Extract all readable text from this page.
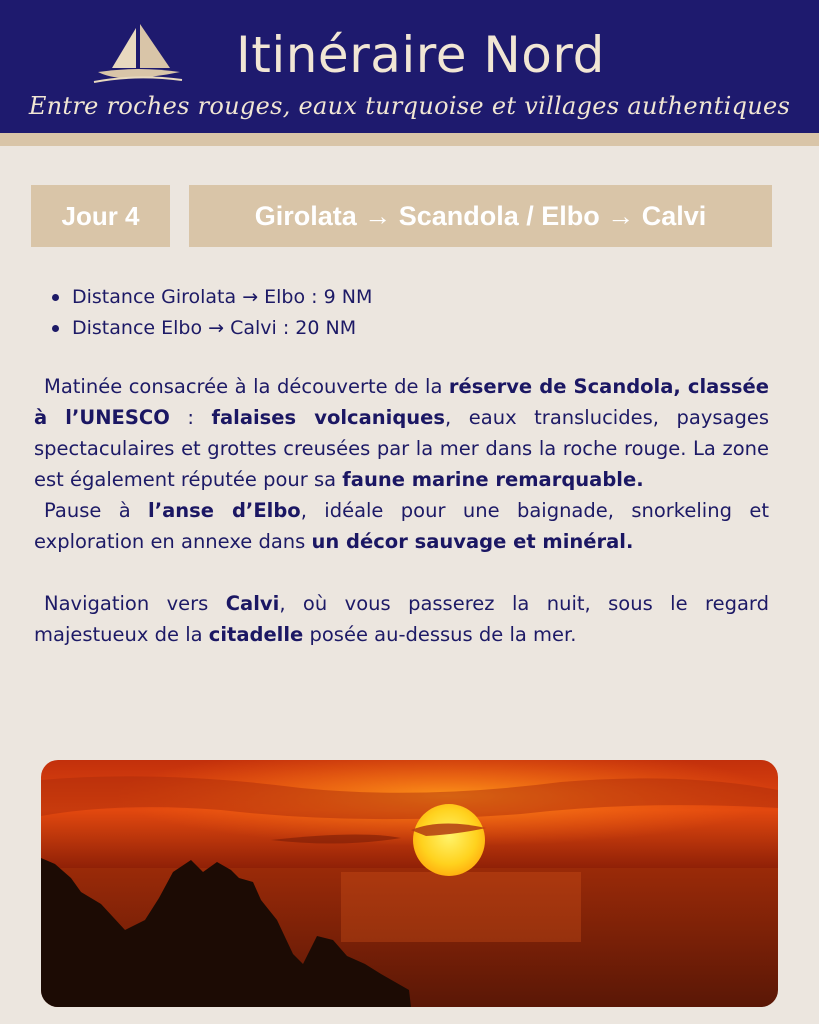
Itinéraire Nord
Entre roches rouges, eaux turquoise et villages authentiques
Jour 4	Girolata → Scandola / Elbo → Calvi
Distance Girolata → Elbo : 9 NM
Distance Elbo → Calvi : 20 NM

Matinée consacrée à la découverte de la réserve de Scandola, classée à l’UNESCO : falaises volcaniques, eaux translucides, paysages spectaculaires et grottes creusées par la mer dans la roche rouge. La zone est également réputée pour sa faune marine remarquable.

Pause à l’anse d’Elbo, idéale pour une baignade, snorkeling et exploration en annexe dans un décor sauvage et minéral.

Navigation vers Calvi, où vous passerez la nuit, sous le regard majestueux de la citadelle posée au-dessus de la mer.
